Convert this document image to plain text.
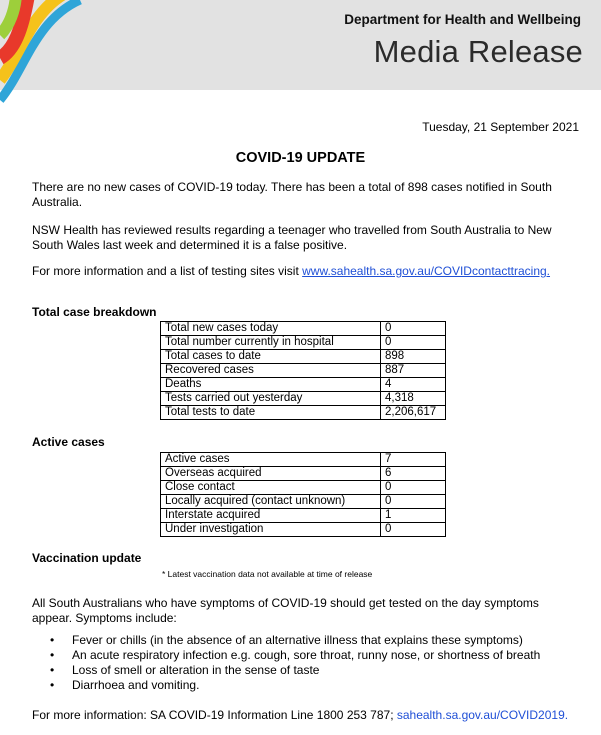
Department for Health and Wellbeing
Media Release
Tuesday, 21 September 2021
COVID-19 UPDATE
There are no new cases of COVID-19 today. There has been a total of 898 cases notified in South Australia.
NSW Health has reviewed results regarding a teenager who travelled from South Australia to New South Wales last week and determined it is a false positive.
For more information and a list of testing sites visit www.sahealth.sa.gov.au/COVIDcontacttracing.
Total case breakdown
Total new cases today	0
Total number currently in hospital	0
Total cases to date	898
Recovered cases	887
Deaths	4
Tests carried out yesterday	4,318
Total tests to date	2,206,617
Active cases
Active cases	7
Overseas acquired	6
Close contact	0
Locally acquired (contact unknown)	0
Interstate acquired	1
Under investigation	0
Vaccination update
* Latest vaccination data not available at time of release
All South Australians who have symptoms of COVID-19 should get tested on the day symptoms appear. Symptoms include:
• Fever or chills (in the absence of an alternative illness that explains these symptoms)
• An acute respiratory infection e.g. cough, sore throat, runny nose, or shortness of breath
• Loss of smell or alteration in the sense of taste
• Diarrhoea and vomiting.
For more information: SA COVID-19 Information Line 1800 253 787; sahealth.sa.gov.au/COVID2019.
